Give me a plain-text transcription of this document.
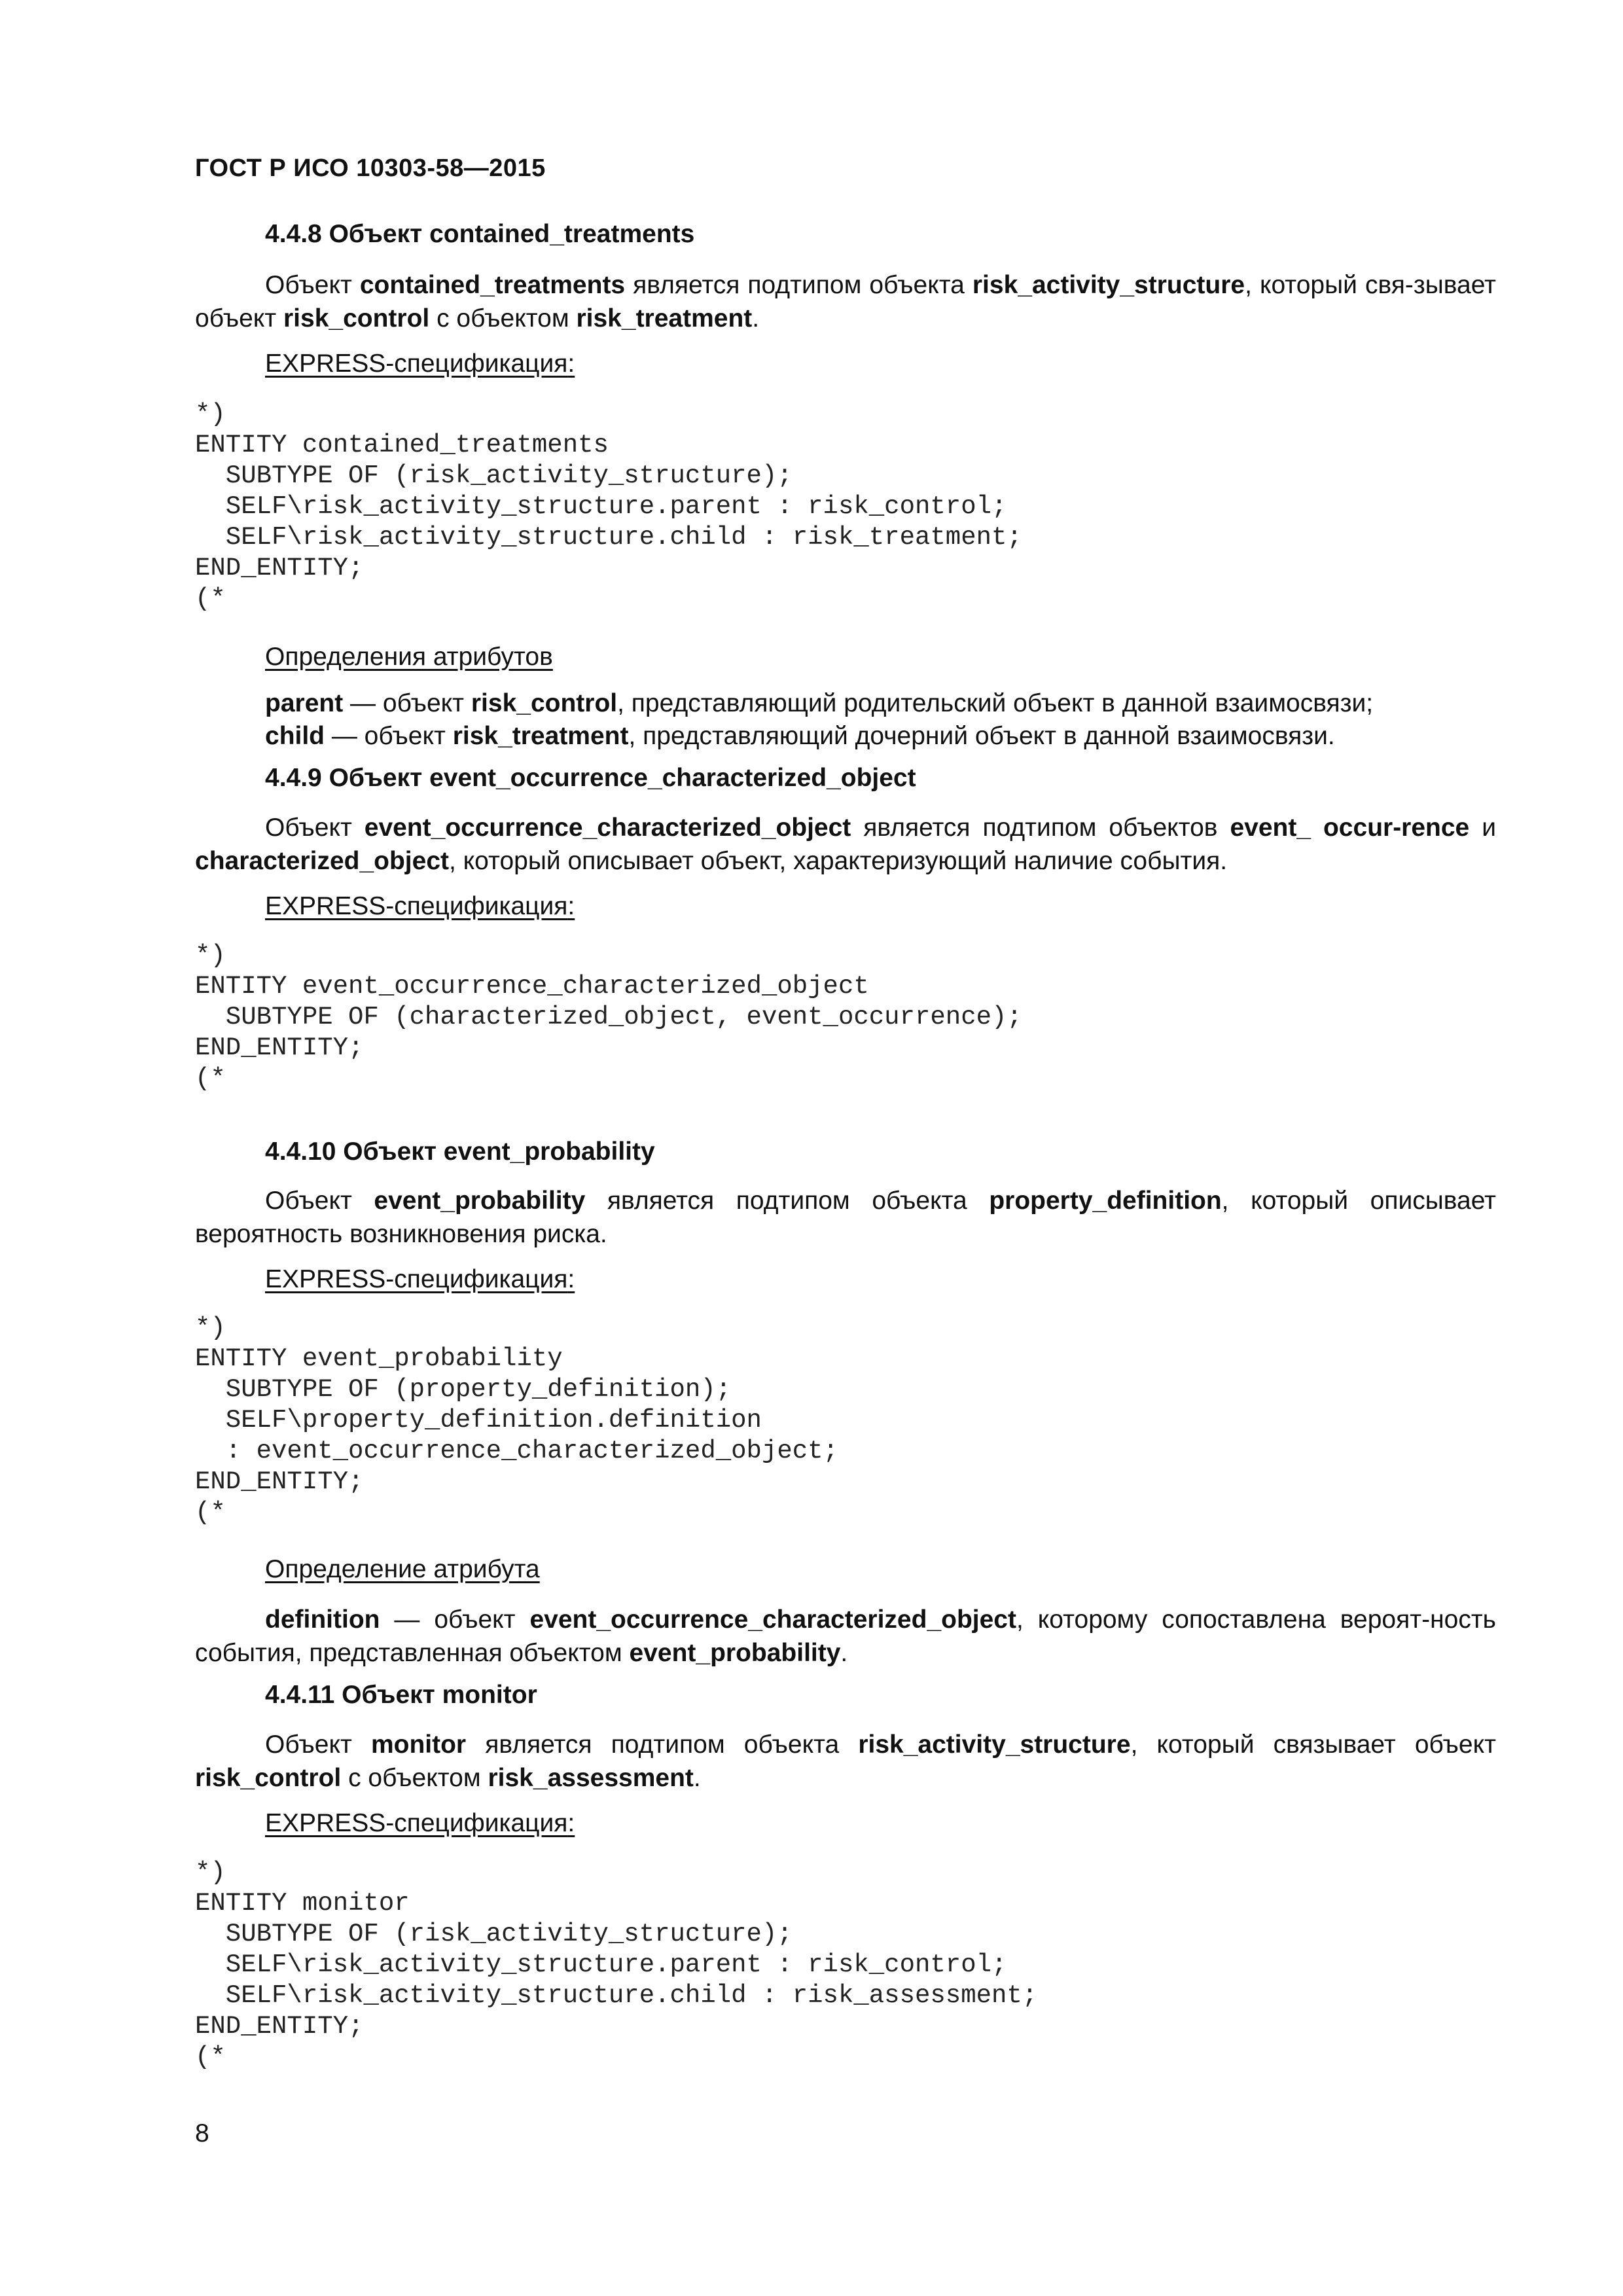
ГОСТ Р ИСО 10303-58—2015
4.4.8 Объект contained_treatments
Объект contained_treatments является подтипом объекта risk_activity_structure, который свя-зывает объект risk_control с объектом risk_treatment.
EXPRESS-спецификация:
*)
ENTITY contained_treatments
SUBTYPE OF (risk_activity_structure);
SELF\risk_activity_structure.parent : risk_control;
SELF\risk_activity_structure.child : risk_treatment;
END_ENTITY;
(*
Определения атрибутов
parent — объект risk_control, представляющий родительский объект в данной взаимосвязи;
child — объект risk_treatment, представляющий дочерний объект в данной взаимосвязи.
4.4.9 Объект event_occurrence_characterized_object
Объект event_occurrence_characterized_object является подтипом объектов event_ occur-rence и characterized_object, который описывает объект, характеризующий наличие события.
EXPRESS-спецификация:
*)
ENTITY event_occurrence_characterized_object
SUBTYPE OF (characterized_object, event_occurrence);
END_ENTITY;
(*
4.4.10 Объект event_probability
Объект event_probability является подтипом объекта property_definition, который описывает вероятность возникновения риска.
EXPRESS-спецификация:
*)
ENTITY event_probability
SUBTYPE OF (property_definition);
SELF\property_definition.definition
: event_occurrence_characterized_object;
END_ENTITY;
(*
Определение атрибута
definition — объект event_occurrence_characterized_object, которому сопоставлена вероят-ность события, представленная объектом event_probability.
4.4.11 Объект monitor
Объект monitor является подтипом объекта risk_activity_structure, который связывает объект risk_control с объектом risk_assessment.
EXPRESS-спецификация:
*)
ENTITY monitor
SUBTYPE OF (risk_activity_structure);
SELF\risk_activity_structure.parent : risk_control;
SELF\risk_activity_structure.child : risk_assessment;
END_ENTITY;
(*
8
